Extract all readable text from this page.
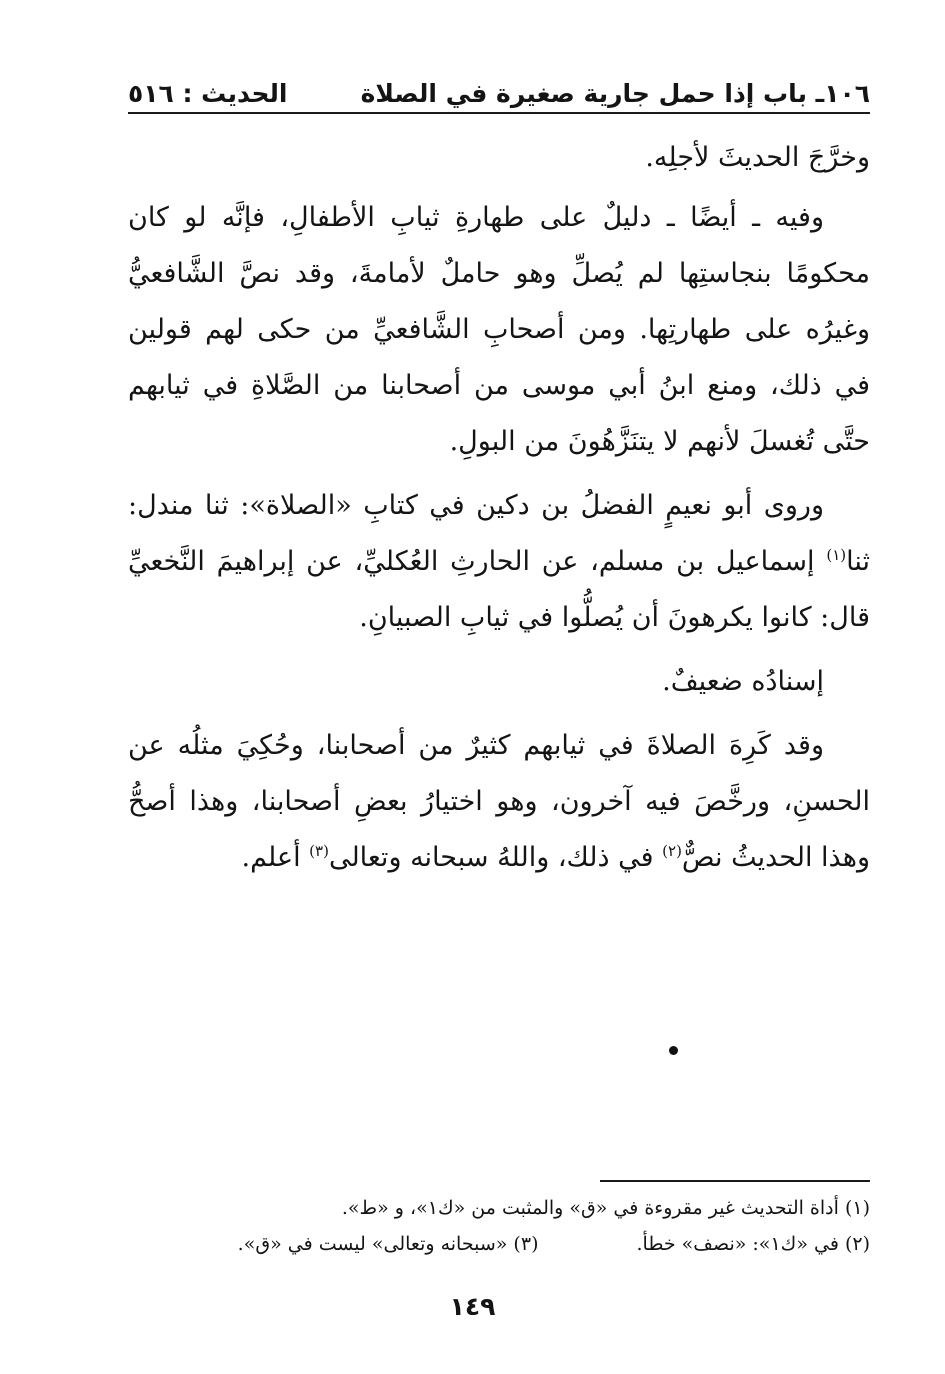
١٠٦ـ باب إذا حمل جارية صغيرة في الصلاة
الحديث : ٥١٦

وخرَّجَ الحديثَ لأجلِه.

وفيه ـ أيضًا ـ دليلٌ على طهارةِ ثيابِ الأطفالِ، فإنَّه لو كان محكومًا بنجاستِها لم يُصلِّ وهو حاملٌ لأمامةَ، وقد نصَّ الشَّافعيُّ وغيرُه على طهارتِها. ومن أصحابِ الشَّافعيِّ من حكى لهم قولين في ذلك، ومنع ابنُ أبي موسى من أصحابنا من الصَّلاةِ في ثيابهم حتَّى تُغسلَ لأنهم لا يتنَزَّهُونَ من البولِ.

وروى أبو نعيمٍ الفضلُ بن دكين في كتابِ «الصلاة»: ثنا مندل: ثنا$^{(١)}$ إسماعيل بن مسلم، عن الحارثِ العُكليِّ، عن إبراهيمَ النَّخعيِّ قال: كانوا يكرهونَ أن يُصلُّوا في ثيابِ الصبيانِ.

إسنادُه ضعيفٌ.

وقد كَرِهَ الصلاةَ في ثيابهم كثيرٌ من أصحابنا، وحُكِيَ مثلُه عن الحسنِ، ورخَّصَ فيه آخرون، وهو اختيارُ بعضِ أصحابنا، وهذا أصحُّ وهذا الحديثُ نصٌّ$^{(٢)}$ في ذلك، واللهُ سبحانه وتعالى$^{(٣)}$ أعلم.

(١) أداة التحديث غير مقروءة في «ق» والمثبت من «ك١»، و «ط».
(٢) في «ك١»: «نصف» خطأ.
(٣) «سبحانه وتعالى» ليست في «ق».
١٤٩
